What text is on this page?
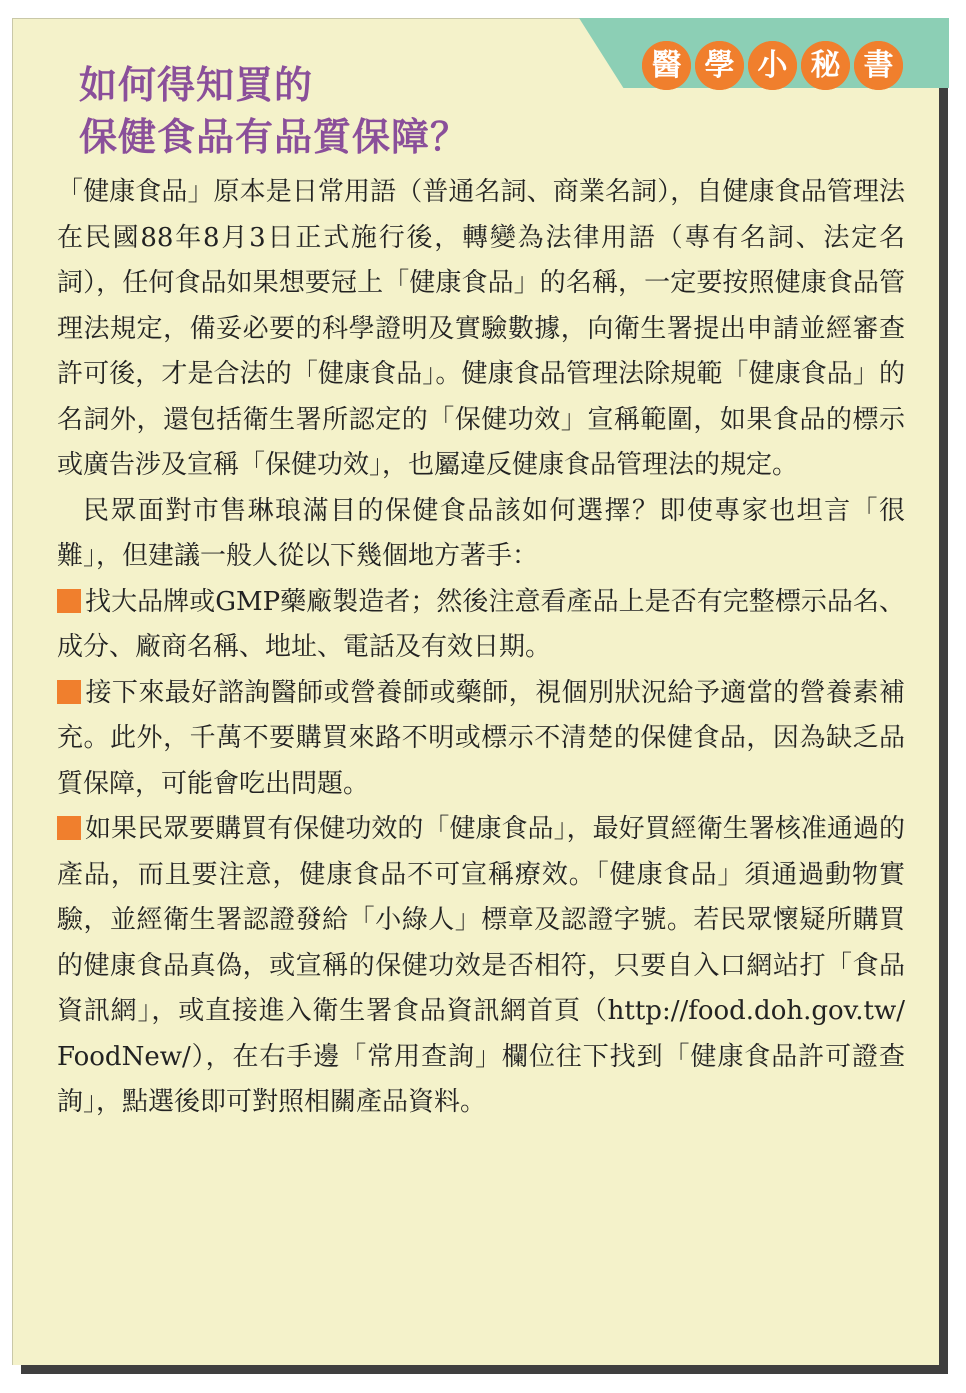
醫 學 小 秘 書
如何得知買的
保健食品有品質保障？

「健康食品」原本是日常用語（普通名詞、商業名詞），自健康食品管理法在民國88年8月3日正式施行後，轉變為法律用語（專有名詞、法定名詞），任何食品如果想要冠上「健康食品」的名稱，一定要按照健康食品管理法規定，備妥必要的科學證明及實驗數據，向衛生署提出申請並經審查許可後，才是合法的「健康食品」。健康食品管理法除規範「健康食品」的名詞外，還包括衛生署所認定的「保健功效」宣稱範圍，如果食品的標示或廣告涉及宣稱「保健功效」，也屬違反健康食品管理法的規定。

民眾面對市售琳琅滿目的保健食品該如何選擇？即使專家也坦言「很難」，但建議一般人從以下幾個地方著手：

找大品牌或GMP藥廠製造者；然後注意看產品上是否有完整標示品名、成分、廠商名稱、地址、電話及有效日期。

接下來最好諮詢醫師或營養師或藥師，視個別狀況給予適當的營養素補充。此外，千萬不要購買來路不明或標示不清楚的保健食品，因為缺乏品質保障，可能會吃出問題。

如果民眾要購買有保健功效的「健康食品」，最好買經衛生署核准通過的產品，而且要注意，健康食品不可宣稱療效。「健康食品」須通過動物實驗，並經衛生署認證發給「小綠人」標章及認證字號。若民眾懷疑所購買的健康食品真偽，或宣稱的保健功效是否相符，只要自入口網站打「食品資訊網」，或直接進入衛生署食品資訊網首頁（http://food.doh.gov.tw/FoodNew/），在右手邊「常用查詢」欄位往下找到「健康食品許可證查詢」，點選後即可對照相關產品資料。
